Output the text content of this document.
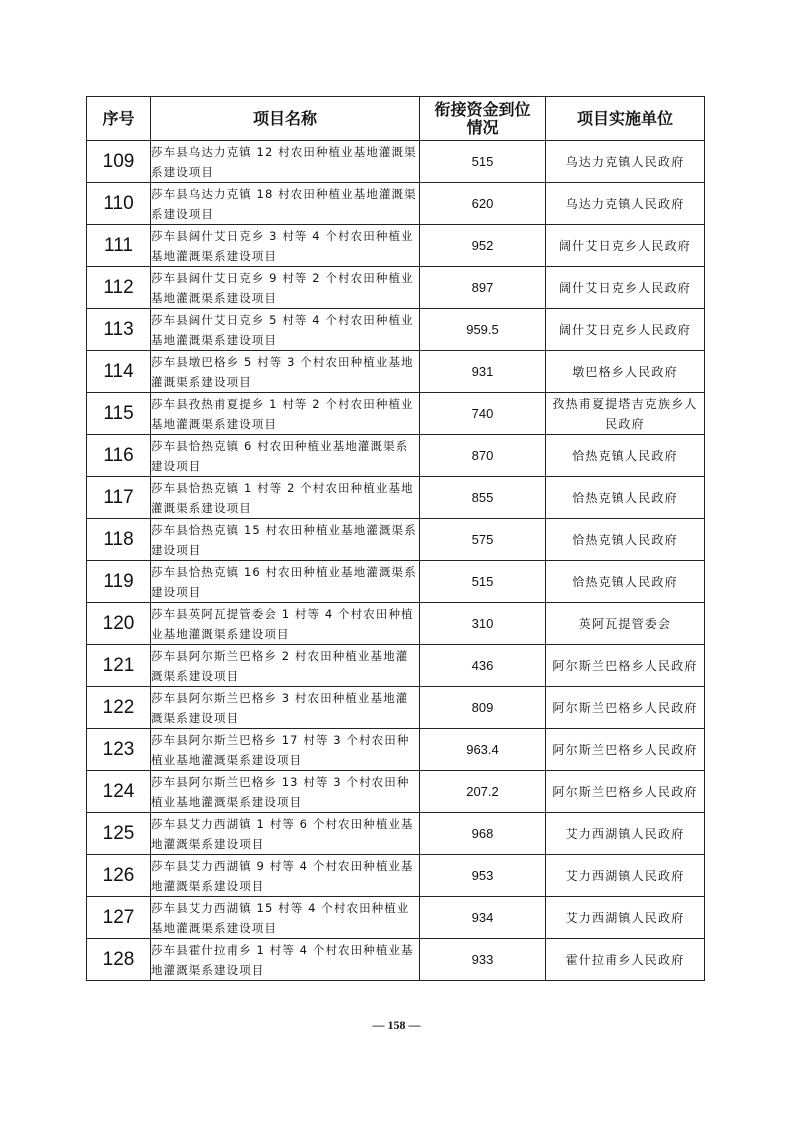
序号	项目名称	衔接资金到位情况	项目实施单位
109	莎车县乌达力克镇 12 村农田种植业基地灌溉渠系建设项目	515	乌达力克镇人民政府
110	莎车县乌达力克镇 18 村农田种植业基地灌溉渠系建设项目	620	乌达力克镇人民政府
111	莎车县阔什艾日克乡 3 村等 4 个村农田种植业基地灌溉渠系建设项目	952	阔什艾日克乡人民政府
112	莎车县阔什艾日克乡 9 村等 2 个村农田种植业基地灌溉渠系建设项目	897	阔什艾日克乡人民政府
113	莎车县阔什艾日克乡 5 村等 4 个村农田种植业基地灌溉渠系建设项目	959.5	阔什艾日克乡人民政府
114	莎车县墩巴格乡 5 村等 3 个村农田种植业基地灌溉渠系建设项目	931	墩巴格乡人民政府
115	莎车县孜热甫夏提乡 1 村等 2 个村农田种植业基地灌溉渠系建设项目	740	孜热甫夏提塔吉克族乡人民政府
116	莎车县恰热克镇 6 村农田种植业基地灌溉渠系建设项目	870	恰热克镇人民政府
117	莎车县恰热克镇 1 村等 2 个村农田种植业基地灌溉渠系建设项目	855	恰热克镇人民政府
118	莎车县恰热克镇 15 村农田种植业基地灌溉渠系建设项目	575	恰热克镇人民政府
119	莎车县恰热克镇 16 村农田种植业基地灌溉渠系建设项目	515	恰热克镇人民政府
120	莎车县英阿瓦提管委会 1 村等 4 个村农田种植业基地灌溉渠系建设项目	310	英阿瓦提管委会
121	莎车县阿尔斯兰巴格乡 2 村农田种植业基地灌溉渠系建设项目	436	阿尔斯兰巴格乡人民政府
122	莎车县阿尔斯兰巴格乡 3 村农田种植业基地灌溉渠系建设项目	809	阿尔斯兰巴格乡人民政府
123	莎车县阿尔斯兰巴格乡 17 村等 3 个村农田种植业基地灌溉渠系建设项目	963.4	阿尔斯兰巴格乡人民政府
124	莎车县阿尔斯兰巴格乡 13 村等 3 个村农田种植业基地灌溉渠系建设项目	207.2	阿尔斯兰巴格乡人民政府
125	莎车县艾力西湖镇 1 村等 6 个村农田种植业基地灌溉渠系建设项目	968	艾力西湖镇人民政府
126	莎车县艾力西湖镇 9 村等 4 个村农田种植业基地灌溉渠系建设项目	953	艾力西湖镇人民政府
127	莎车县艾力西湖镇 15 村等 4 个村农田种植业基地灌溉渠系建设项目	934	艾力西湖镇人民政府
128	莎车县霍什拉甫乡 1 村等 4 个村农田种植业基地灌溉渠系建设项目	933	霍什拉甫乡人民政府
— 158 —
